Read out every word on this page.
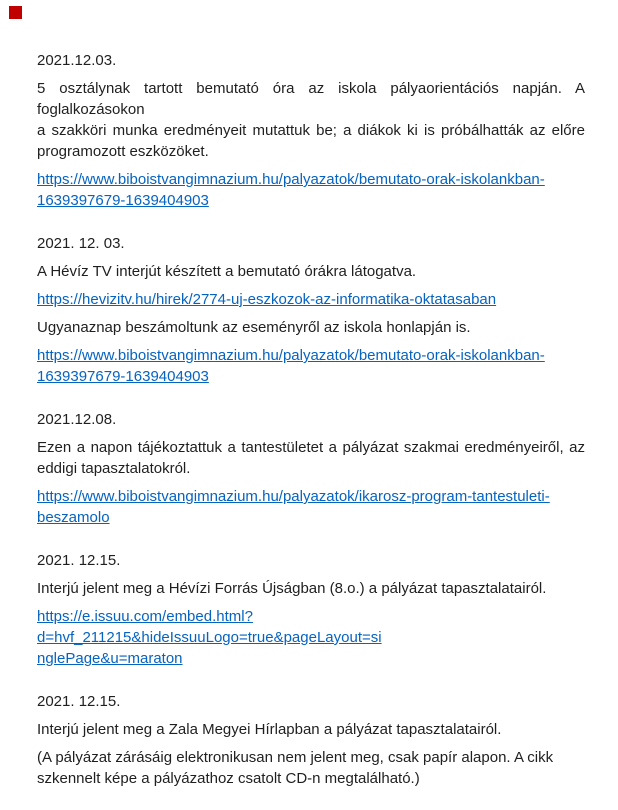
2021.12.03.
5 osztálynak tartott bemutató óra az iskola pályaorientációs napján. A foglalkozásokon
a szakköri munka eredményeit mutattuk be; a diákok ki is próbálhatták az előre
programozott eszközöket.
https://www.biboistvangimnazium.hu/palyazatok/bemutato-orak-iskolankban-
1639397679-1639404903
2021. 12. 03.
A Hévíz TV interjút készített a bemutató órákra látogatva.
https://hevizitv.hu/hirek/2774-uj-eszkozok-az-informatika-oktatasaban
Ugyanaznap beszámoltunk az eseményről az iskola honlapján is.
https://www.biboistvangimnazium.hu/palyazatok/bemutato-orak-iskolankban-
1639397679-1639404903
2021.12.08.
Ezen a napon tájékoztattuk a tantestületet a pályázat szakmai eredményeiről, az
eddigi tapasztalatokról.
https://www.biboistvangimnazium.hu/palyazatok/ikarosz-program-tantestuleti-
beszamolo
2021. 12.15.
Interjú jelent meg a Hévízi Forrás Újságban (8.o.) a pályázat tapasztalatairól.
https://e.issuu.com/embed.html?d=hvf_211215&hideIssuuLogo=true&pageLayout=si
nglePage&u=maraton
2021. 12.15.
Interjú jelent meg a Zala Megyei Hírlapban a pályázat tapasztalatairól.
(A pályázat zárásáig elektronikusan nem jelent meg, csak papír alapon. A cikk
szkennelt képe a pályázathoz csatolt CD-n megtalálható.)
